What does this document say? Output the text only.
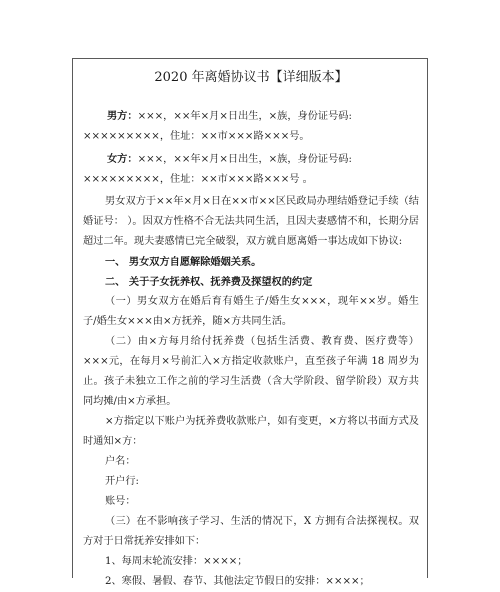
2020 年离婚协议书【详细版本】

男方：×××，××年×月×日出生，×族，身份证号码:

×××××××××，住址：××市×××路×××号。

女方：×××，××年×月×日出生，×族，身份证号码:

×××××××××，住址：××市×××路×××号 。

男女双方于××年×月×日在××市××区民政局办理结婚登记手续（结婚证号： ）。因双方性格不合无法共同生活，且因夫妻感情不和，长期分居超过二年。现夫妻感情已完全破裂，双方就自愿离婚一事达成如下协议:

一、 男女双方自愿解除婚姻关系。

二、 关于子女抚养权、抚养费及探望权的约定

（一）男女双方在婚后育有婚生子/婚生女×××，现年××岁。婚生子/婚生女×××由×方抚养，随×方共同生活。

（二）由×方每月给付抚养费（包括生活费、教育费、医疗费等）×××元，在每月×号前汇入×方指定收款账户，直至孩子年满 18 周岁为止。孩子未独立工作之前的学习生活费（含大学阶段、留学阶段）双方共同均摊/由×方承担。

×方指定以下账户为抚养费收款账户，如有变更，×方将以书面方式及时通知×方：

户名：

开户行:

账号：

（三）在不影响孩子学习、生活的情况下，X 方拥有合法探视权。双方对于日常抚养安排如下：

1、每周末轮流安排：××××；

2、寒假、暑假、春节、其他法定节假日的安排：××××；
